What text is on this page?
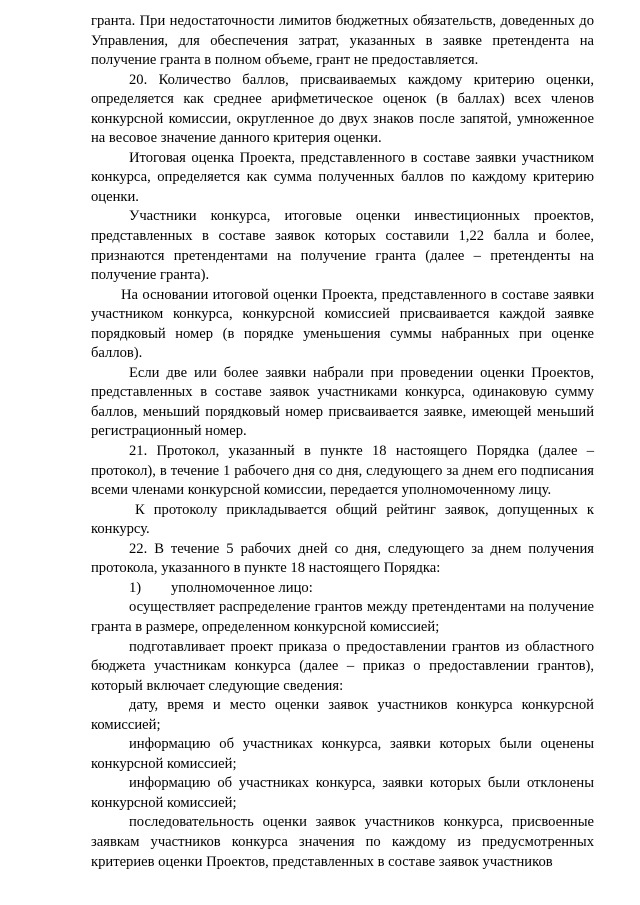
гранта. При недостаточности лимитов бюджетных обязательств, доведенных до Управления, для обеспечения затрат, указанных в заявке претендента на получение гранта в полном объеме, грант не предоставляется.

20. Количество баллов, присваиваемых каждому критерию оценки, определяется как среднее арифметическое оценок (в баллах) всех членов конкурсной комиссии, округленное до двух знаков после запятой, умноженное на весовое значение данного критерия оценки.

Итоговая оценка Проекта, представленного в составе заявки участником конкурса, определяется как сумма полученных баллов по каждому критерию оценки.

Участники конкурса, итоговые оценки инвестиционных проектов, представленных в составе заявок которых составили 1,22 балла и более, признаются претендентами на получение гранта (далее – претенденты на получение гранта).

На основании итоговой оценки Проекта, представленного в составе заявки участником конкурса, конкурсной комиссией присваивается каждой заявке порядковый номер (в порядке уменьшения суммы набранных при оценке баллов).

Если две или более заявки набрали при проведении оценки Проектов, представленных в составе заявок участниками конкурса, одинаковую сумму баллов, меньший порядковый номер присваивается заявке, имеющей меньший регистрационный номер.

21. Протокол, указанный в пункте 18 настоящего Порядка (далее – протокол), в течение 1 рабочего дня со дня, следующего за днем его подписания всеми членами конкурсной комиссии, передается уполномоченному лицу.

К протоколу прикладывается общий рейтинг заявок, допущенных к конкурсу.

22. В течение 5 рабочих дней со дня, следующего за днем получения протокола, указанного в пункте 18 настоящего Порядка:

1) уполномоченное лицо:

осуществляет распределение грантов между претендентами на получение гранта в размере, определенном конкурсной комиссией;

подготавливает проект приказа о предоставлении грантов из областного бюджета участникам конкурса (далее – приказ о предоставлении грантов), который включает следующие сведения:

дату, время и место оценки заявок участников конкурса конкурсной комиссией;

информацию об участниках конкурса, заявки которых были оценены конкурсной комиссией;

информацию об участниках конкурса, заявки которых были отклонены конкурсной комиссией;

последовательность оценки заявок участников конкурса, присвоенные заявкам участников конкурса значения по каждому из предусмотренных критериев оценки Проектов, представленных в составе заявок участников
